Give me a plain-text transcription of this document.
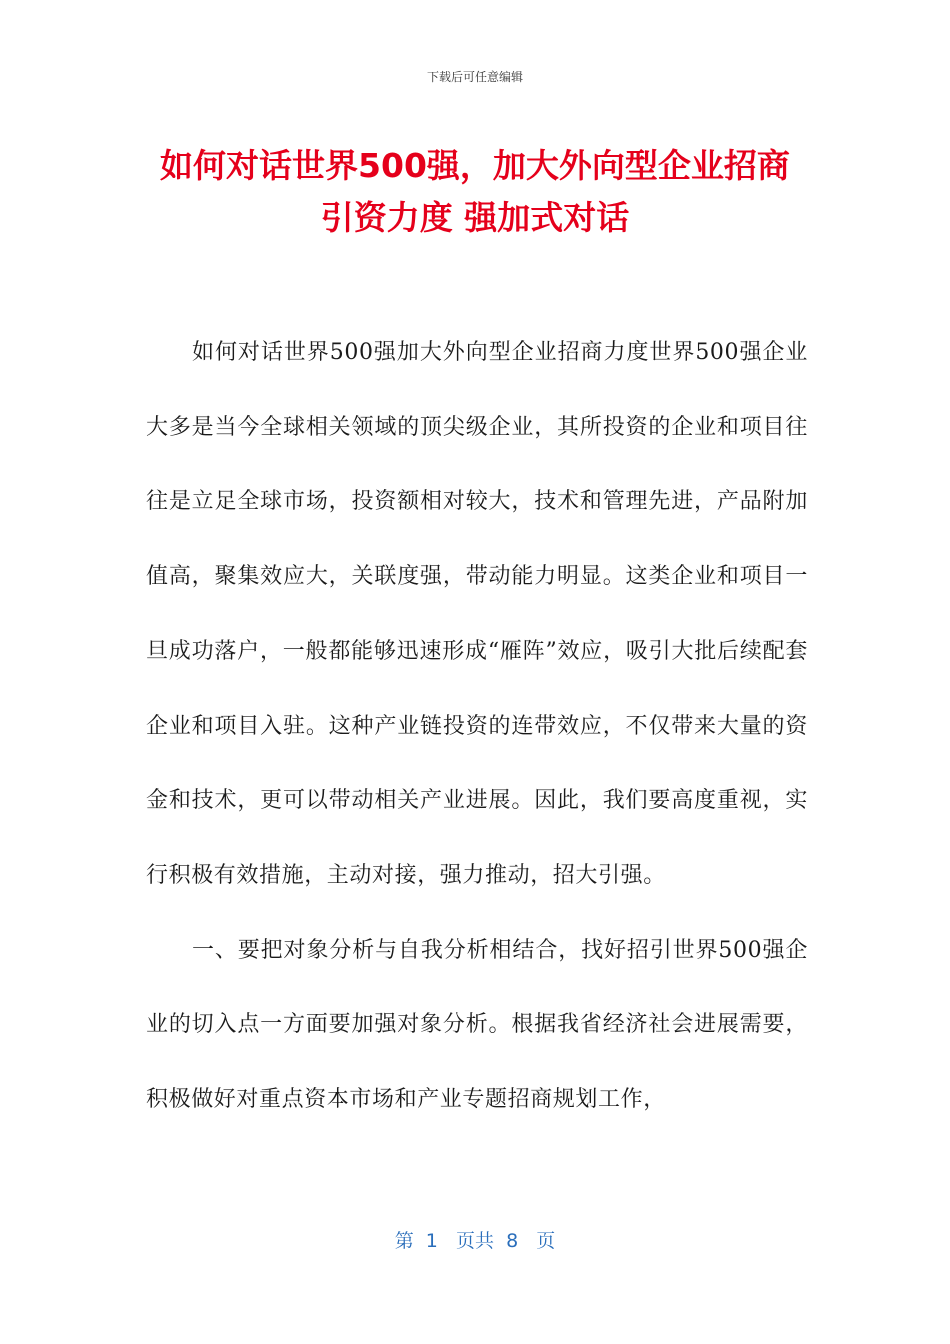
下载后可任意编辑
如何对话世界500强，加大外向型企业招商
引资力度 强加式对话

如何对话世界500强加大外向型企业招商力度世界500强企业大多是当今全球相关领域的顶尖级企业，其所投资的企业和项目往往是立足全球市场，投资额相对较大，技术和管理先进，产品附加值高，聚集效应大，关联度强，带动能力明显。这类企业和项目一旦成功落户，一般都能够迅速形成“雁阵”效应，吸引大批后续配套企业和项目入驻。这种产业链投资的连带效应，不仅带来大量的资金和技术，更可以带动相关产业进展。因此，我们要高度重视，实行积极有效措施，主动对接，强力推动，招大引强。

一、要把对象分析与自我分析相结合，找好招引世界500强企业的切入点一方面要加强对象分析。根据我省经济社会进展需要，积极做好对重点资本市场和产业专题招商规划工作，

第  1   页共  8   页
